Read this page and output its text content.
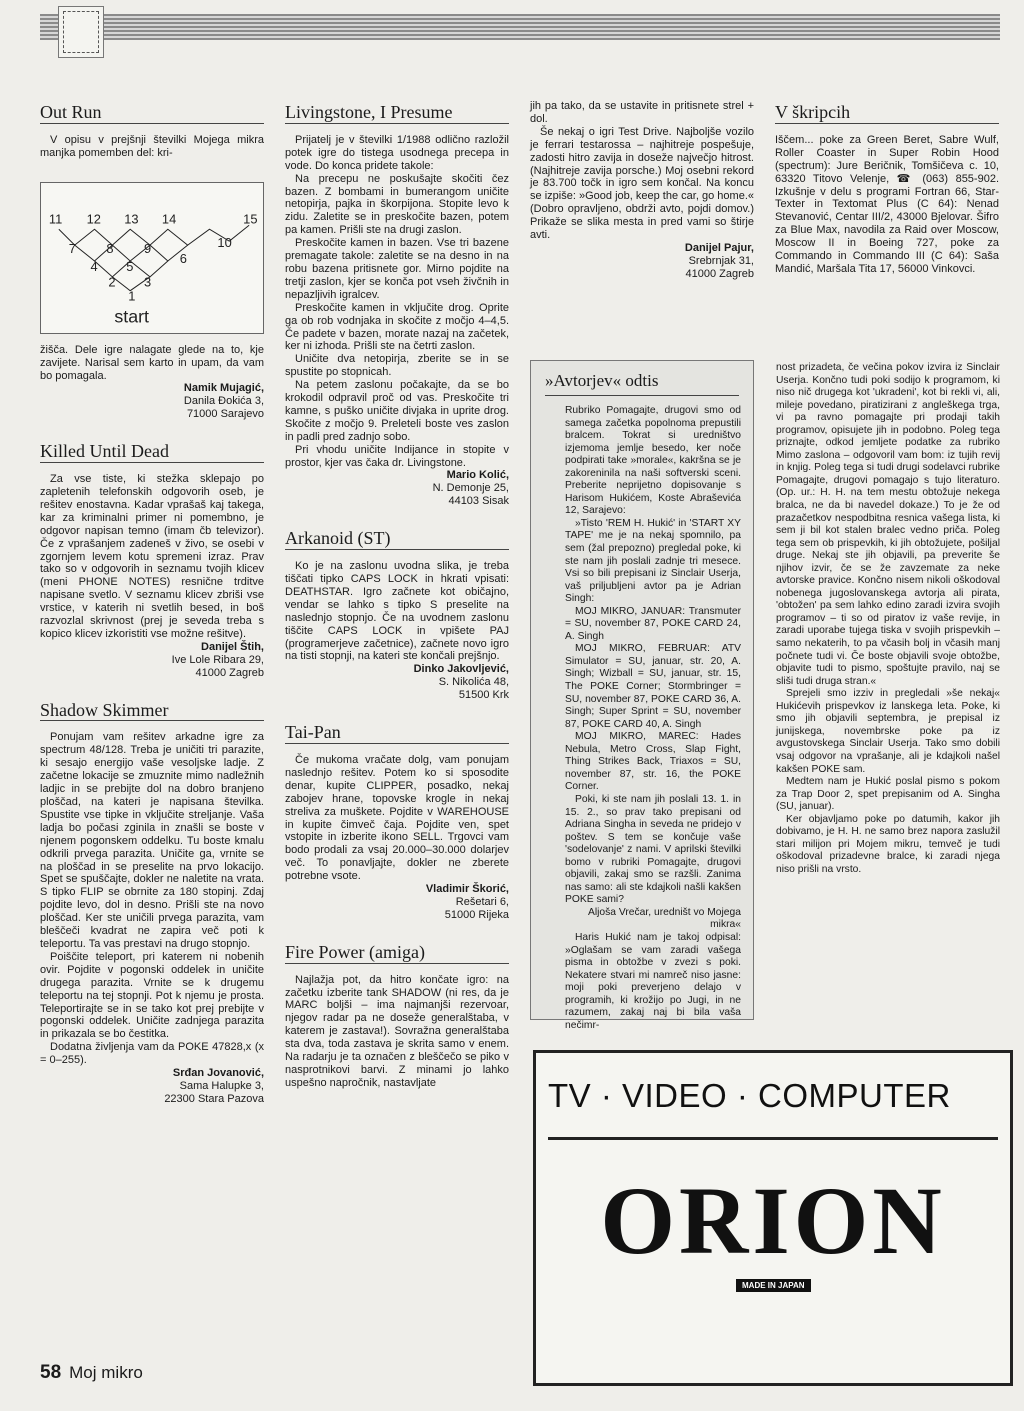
Out Run

V opisu v prejšnji številki Mojega mikra manjka pomemben del: kri-

11 12 13 14	15
7 8 9	10
4 5
6
2 3
1
start

žišča. Dele igre nalagate glede na to, kje zavijete. Narisal sem karto in upam, da vam bo pomagala.

Namik Mujagić,
Danila Đokića 3,
71000 Sarajevo
Killed Until Dead

Za vse tiste, ki stežka sklepajo po zapletenih telefonskih odgovorih oseb, je rešitev enostavna. Kadar vprašaš kaj takega, kar za kriminalni primer ni pomembno, je odgovor napisan temno (imam čb televizor). Če z vprašanjem zadeneš v živo, se osebi v zgornjem levem kotu spremeni izraz. Prav tako so v odgovorih in seznamu tvojih klicev (meni PHONE NOTES) resnične trditve napisane svetlo. V seznamu klicev zbriši vse vrstice, v katerih ni svetlih besed, in boš razvozlal skrivnost (prej je seveda treba s kopico klicev izkoristiti vse možne rešitve).

Danijel Štih,
Ive Lole Ribara 29,
41000 Zagreb
Shadow Skimmer

Ponujam vam rešitev arkadne igre za spectrum 48/128. Treba je uničiti tri parazite, ki sesajo energijo vaše vesoljske ladje. Z začetne lokacije se zmuznite mimo nadležnih ladjic in se prebijte dol na dobro branjeno ploščad, na kateri je napisana številka. Spustite vse tipke in vključite streljanje. Vaša ladja bo počasi zginila in znašli se boste v njenem pogonskem oddelku. Tu boste kmalu odkrili prvega parazita. Uničite ga, vrnite se na ploščad in se preselite na prvo lokacijo. Spet se spuščajte, dokler ne naletite na vrata. S tipko FLIP se obrnite za 180 stopinj. Zdaj pojdite levo, dol in desno. Prišli ste na novo ploščad. Ker ste uničili prvega parazita, vam bleščeči kvadrat ne zapira več poti k teleportu. Ta vas prestavi na drugo stopnjo.

Poiščite teleport, pri katerem ni nobenih ovir. Pojdite v pogonski oddelek in uničite drugega parazita. Vrnite se k drugemu teleportu na tej stopnji. Pot k njemu je prosta. Teleportirajte se in se tako kot prej prebijte v pogonski oddelek. Uničite zadnjega parazita in prikazala se bo čestitka.

Dodatna življenja vam da POKE 47828,x (x = 0–255).

Srđan Jovanović,
Sama Halupke 3,
22300 Stara Pazova
Livingstone, I Presume

Prijatelj je v številki 1/1988 odlično razložil potek igre do tistega usodnega precepa in vode. Do konca pridete takole:

Na precepu ne poskušajte skočiti čez bazen. Z bombami in bumerangom uničite netopirja, pajka in škorpijona. Stopite levo k zidu. Zaletite se in preskočite bazen, potem pa kamen. Prišli ste na drugi zaslon.

Preskočite kamen in bazen. Vse tri bazene premagate takole: zaletite se na desno in na robu bazena pritisnete gor. Mirno pojdite na tretji zaslon, kjer se konča pot vseh živčnih in nepazljivih igralcev.

Preskočite kamen in vključite drog. Oprite ga ob rob vodnjaka in skočite z močjo 4–4,5. Če padete v bazen, morate nazaj na začetek, ker ni izhoda. Prišli ste na četrti zaslon.

Uničite dva netopirja, zberite se in se spustite po stopnicah.

Na petem zaslonu počakajte, da se bo krokodil odpravil proč od vas. Preskočite tri kamne, s puško uničite divjaka in uprite drog. Skočite z močjo 9. Preleteli boste ves zaslon in padli pred zadnjo sobo.

Pri vhodu uničite Indijance in stopite v prostor, kjer vas čaka dr. Livingstone.

Mario Kolić,
N. Demonje 25,
44103 Sisak
Arkanoid (ST)

Ko je na zaslonu uvodna slika, je treba tiščati tipko CAPS LOCK in hkrati vpisati: DEATHSTAR. Igro začnete kot običajno, vendar se lahko s tipko S preselite na naslednjo stopnjo. Če na uvodnem zaslonu tiščite CAPS LOCK in vpišete PAJ (programerjeve začetnice), začnete novo igro na tisti stopnji, na kateri ste končali prejšnjo.

Dinko Jakovljević,
S. Nikolića 48,
51500 Krk
Tai-Pan

Če mukoma vračate dolg, vam ponujam naslednjo rešitev. Potem ko si sposodite denar, kupite CLIPPER, posadko, nekaj zabojev hrane, topovske krogle in nekaj streliva za muškete. Pojdite v WAREHOUSE in kupite čimveč čaja. Pojdite ven, spet vstopite in izberite ikono SELL. Trgovci vam bodo prodali za vsaj 20.000–30.000 dolarjev več. To ponavljajte, dokler ne zberete potrebne vsote.

Vladimir Škorić,
Rešetari 6,
51000 Rijeka
Fire Power (amiga)

Najlažja pot, da hitro končate igro: na začetku izberite tank SHADOW (ni res, da je MARC boljši – ima najmanjši rezervoar, njegov radar pa ne doseže generalštaba, v katerem je zastava!). Sovražna generalštaba sta dva, toda zastava je skrita samo v enem. Na radarju je ta označen z bleščečo se piko v nasprotnikovi barvi. Z minami jo lahko uspešno napročnik, nastavljate

jih pa tako, da se ustavite in pritisnete strel + dol.

Še nekaj o igri Test Drive. Najboljše vozilo je ferrari testarossa – najhitreje pospešuje, zadosti hitro zavija in doseže največjo hitrost. (Najhitreje zavija porsche.) Moj osebni rekord je 83.700 točk in igro sem končal. Na koncu se izpiše: »Good job, keep the car, go home.« (Dobro opravljeno, obdrži avto, pojdi domov.) Prikaže se slika mesta in pred vami so štirje avti.

Danijel Pajur,
Srebrnjak 31,
41000 Zagreb
V škripcih

Iščem... poke za Green Beret, Sabre Wulf, Roller Coaster in Super Robin Hood (spectrum): Jure Beričnik, Tomšičeva c. 10, 63320 Titovo Velenje, ☎ (063) 855-902. Izkušnje v delu s programi Fortran 66, Star-Texter in Textomat Plus (C 64): Nenad Stevanović, Centar III/2, 43000 Bjelovar. Šifro za Blue Max, navodila za Raid over Moscow, Moscow II in Boeing 727, poke za Commando in Commando III (C 64): Saša Mandić, Maršala Tita 17, 56000 Vinkovci.

»Avtorjev« odtis

Rubriko Pomagajte, drugovi smo od samega začetka popolnoma prepustili bralcem. Tokrat si uredništvo izjemoma jemlje besedo, ker noče podpirati take »morale«, kakršna se je zakoreninila na naši softverski sceni. Preberite neprijetno dopisovanje s Harisom Hukićem, Koste Abraševića 12, Sarajevo:

»Tisto 'REM H. Hukić' in 'START XY TAPE' me je na nekaj spomnilo, pa sem (žal prepozno) pregledal poke, ki ste nam jih poslali zadnje tri mesece. Vsi so bili prepisani iz Sinclair Userja, vaš priljubljeni avtor pa je Adrian Singh:

MOJ MIKRO, JANUAR: Transmuter = SU, november 87, POKE CARD 24, A. Singh

MOJ MIKRO, FEBRUAR: ATV Simulator = SU, januar, str. 20, A. Singh; Wizball = SU, januar, str. 15, The POKE Corner; Stormbringer = SU, november 87, POKE CARD 36, A. Singh; Super Sprint = SU, november 87, POKE CARD 40, A. Singh

MOJ MIKRO, MAREC: Hades Nebula, Metro Cross, Slap Fight, Thing Strikes Back, Triaxos = SU, november 87, str. 16, the POKE Corner.

Poki, ki ste nam jih poslali 13. 1. in 15. 2., so prav tako prepisani od Adriana Singha in seveda ne pridejo v poštev. S tem se končuje vaše 'sodelovanje' z nami. V aprilski številki bomo v rubriki Pomagajte, drugovi objavili, zakaj smo se razšli. Zanima nas samo: ali ste kdajkoli našli kakšen POKE sami?

Aljoša Vrečar, uredništ vo Mojega mikra«

Haris Hukić nam je takoj odpisal: »Oglašam se vam zaradi vašega pisma in obtožbe v zvezi s poki. Nekatere stvari mi namreč niso jasne: moji poki preverjeno delajo v programih, ki krožijo po Jugi, in ne razumem, zakaj naj bi bila vaša nečimr-

nost prizadeta, če večina pokov izvira iz Sinclair Userja. Končno tudi poki sodijo k programom, ki niso nič drugega kot 'ukradeni', kot bi rekli vi, ali, mileje povedano, piratizirani z angleškega trga, vi pa ravno pomagajte pri prodaji takih programov, opisujete jih in podobno. Poleg tega priznajte, odkod jemljete podatke za rubriko Mimo zaslona – odgovoril vam bom: iz tujih revij in knjig. Poleg tega si tudi drugi sodelavci rubrike Pomagajte, drugovi pomagajo s tujo literaturo. (Op. ur.: H. H. na tem mestu obtožuje nekega bralca, ne da bi navedel dokaze.) To je že od prazačetkov nespodbitna resnica vašega lista, ki sem ji bil kot stalen bralec vedno priča. Poleg tega sem ob prispevkih, ki jih obtožujete, pošiljal druge. Nekaj ste jih objavili, pa preverite še njihov izvir, če se že zavzemate za neke avtorske pravice. Končno nisem nikoli oškodoval nobenega jugoslovanskega avtorja ali pirata, 'obtožen' pa sem lahko edino zaradi izvira svojih programov – ti so od piratov iz vaše revije, in zaradi uporabe tujega tiska v svojih prispevkih – samo nekaterih, to pa včasih bolj in včasih manj počnete tudi vi. Če boste objavili svoje obtožbe, objavite tudi to pismo, spoštujte pravilo, naj se sliši tudi druga stran.«

Sprejeli smo izziv in pregledali »še nekaj« Hukićevih prispevkov iz lanskega leta. Poke, ki smo jih objavili septembra, je prepisal iz junijskega, novembrske poke pa iz avgustovskega Sinclair Userja. Tako smo dobili vsaj odgovor na vprašanje, ali je kdajkoli našel kakšen POKE sam.

Medtem nam je Hukić poslal pismo s pokom za Trap Door 2, spet prepisanim od A. Singha (SU, januar).

Ker objavljamo poke po datumih, kakor jih dobivamo, je H. H. ne samo brez napora zaslužil stari milijon pri Mojem mikru, temveč je tudi oškodoval prizadevne bralce, ki zaradi njega niso prišli na vrsto.

TV · VIDEO · COMPUTER
ORION
MADE IN JAPAN
58 Moj mikro
